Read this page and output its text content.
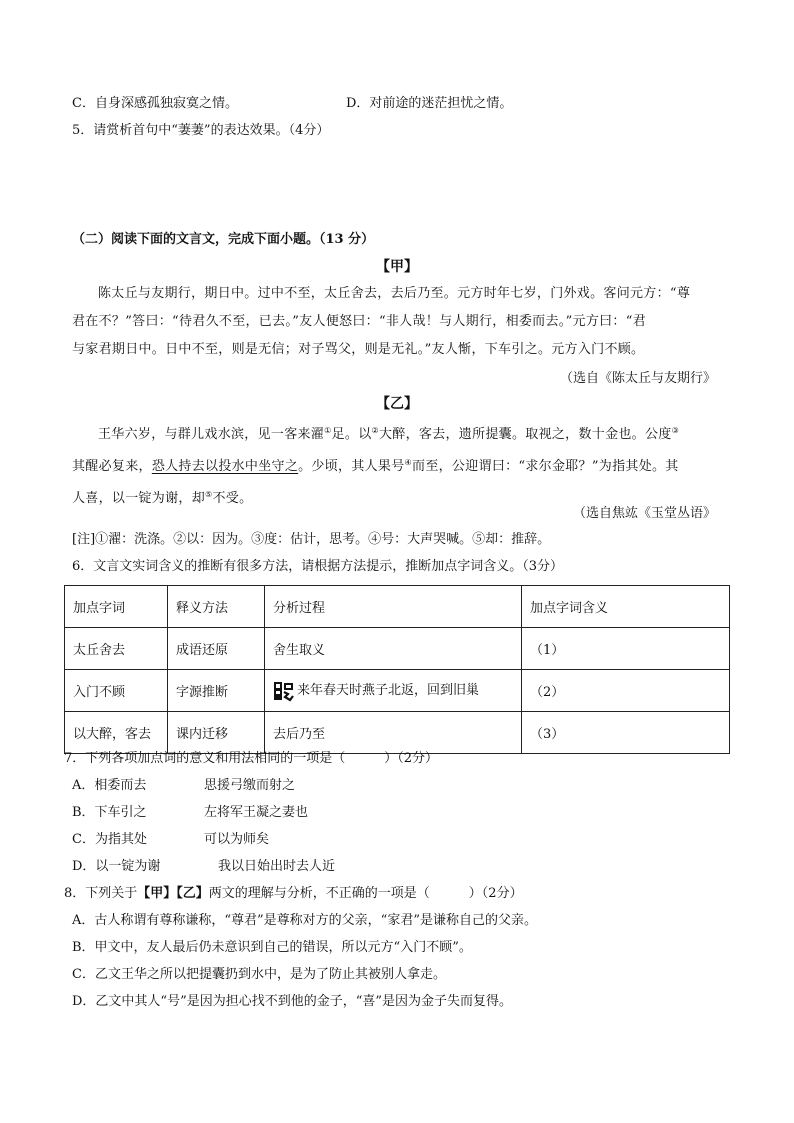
C．自身深感孤独寂寞之情。	D．对前途的迷茫担忧之情。
5．请赏析首句中“萋萋”的表达效果。（4分）
（二）阅读下面的文言文，完成下面小题。（13 分）
【甲】
陈太丘与友期行，期日中。过中不至，太丘舍去，去后乃至。元方时年七岁，门外戏。客问元方：“尊
君在不？”答曰：“待君久不至，已去。”友人便怒曰：“非人哉！与人期行，相委而去。”元方曰：“君
与家君期日中。日中不至，则是无信；对子骂父，则是无礼。”友人惭，下车引之。元方入门不顾。
（选自《陈太丘与友期行》
【乙】
王华六岁，与群儿戏水滨，见一客来濯①足。以②大醉，客去，遗所提囊。取视之，数十金也。公度③
其醒必复来，恐人持去以投水中坐守之。少顷，其人果号④而至，公迎谓曰：“求尔金耶？”为指其处。其
人喜，以一锭为谢，却⑤不受。
（选自焦竑《玉堂丛语》
[注]①濯：洗涤。②以：因为。③度：估计，思考。④号：大声哭喊。⑤却：推辞。
6．文言文实词含义的推断有很多方法，请根据方法提示，推断加点字词含义。（3分）
加点字词	释义方法	分析过程	加点字词含义
太丘舍去	成语还原	舍生取义	（1）
入门不顾	字源推断	来年春天时燕子北返，回到旧巢	（2）
以大醉，客去	课内迁移	去后乃至	（3）
7．下列各项加点词的意义和用法相同的一项是（　　　）（2分）
A．相委而去	思援弓缴而射之
B．下车引之	左将军王凝之妻也
C．为指其处	可以为师矣
D．以一锭为谢	我以日始出时去人近
8．下列关于【甲】【乙】两文的理解与分析，不正确的一项是（　　　）（2分）
A．古人称谓有尊称谦称，“尊君”是尊称对方的父亲，“家君”是谦称自己的父亲。
B．甲文中，友人最后仍未意识到自己的错误，所以元方“入门不顾”。
C．乙文王华之所以把提囊扔到水中，是为了防止其被别人拿走。
D．乙文中其人“号”是因为担心找不到他的金子，“喜”是因为金子失而复得。
